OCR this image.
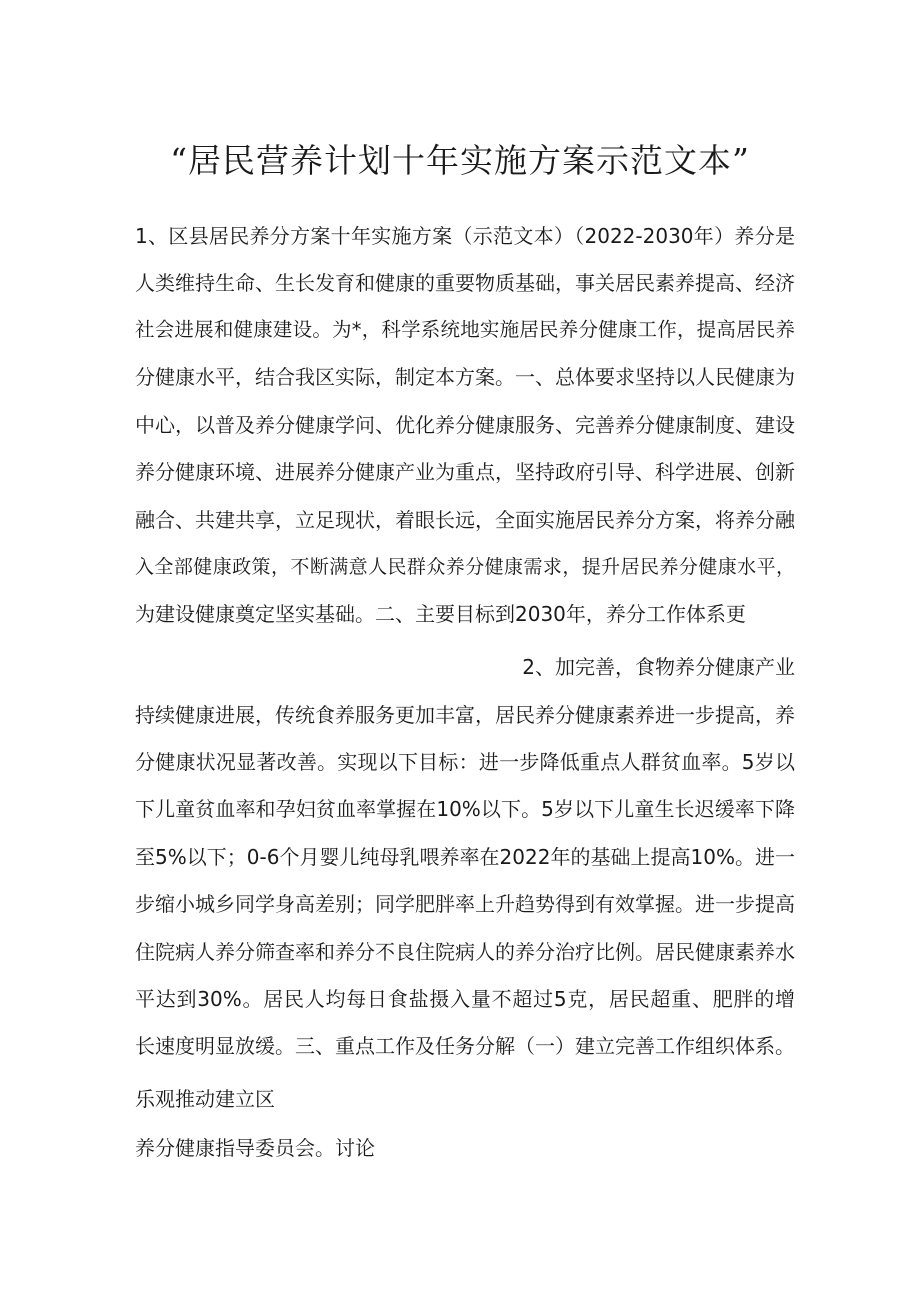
“居民营养计划十年实施方案示范文本”

1、区县居民养分方案十年实施方案（示范文本）（2022-2030年）养分是

人类维持生命、生长发育和健康的重要物质基础，事关居民素养提高、经济

社会进展和健康建设。为*，科学系统地实施居民养分健康工作，提高居民养

分健康水平，结合我区实际，制定本方案。一、总体要求坚持以人民健康为

中心，以普及养分健康学问、优化养分健康服务、完善养分健康制度、建设

养分健康环境、进展养分健康产业为重点，坚持政府引导、科学进展、创新

融合、共建共享，立足现状，着眼长远，全面实施居民养分方案，将养分融

入全部健康政策，不断满意人民群众养分健康需求，提升居民养分健康水平，

为建设健康奠定坚实基础。二、主要目标到2030年，养分工作体系更

2、加完善，食物养分健康产业

持续健康进展，传统食养服务更加丰富，居民养分健康素养进一步提高，养

分健康状况显著改善。实现以下目标：进一步降低重点人群贫血率。5岁以

下儿童贫血率和孕妇贫血率掌握在10%以下。5岁以下儿童生长迟缓率下降

至5%以下；0-6个月婴儿纯母乳喂养率在2022年的基础上提高10%。进一

步缩小城乡同学身高差别；同学肥胖率上升趋势得到有效掌握。进一步提高

住院病人养分筛查率和养分不良住院病人的养分治疗比例。居民健康素养水

平达到30%。居民人均每日食盐摄入量不超过5克，居民超重、肥胖的增

长速度明显放缓。三、重点工作及任务分解（一）建立完善工作组织体系。

乐观推动建立区

养分健康指导委员会。讨论
